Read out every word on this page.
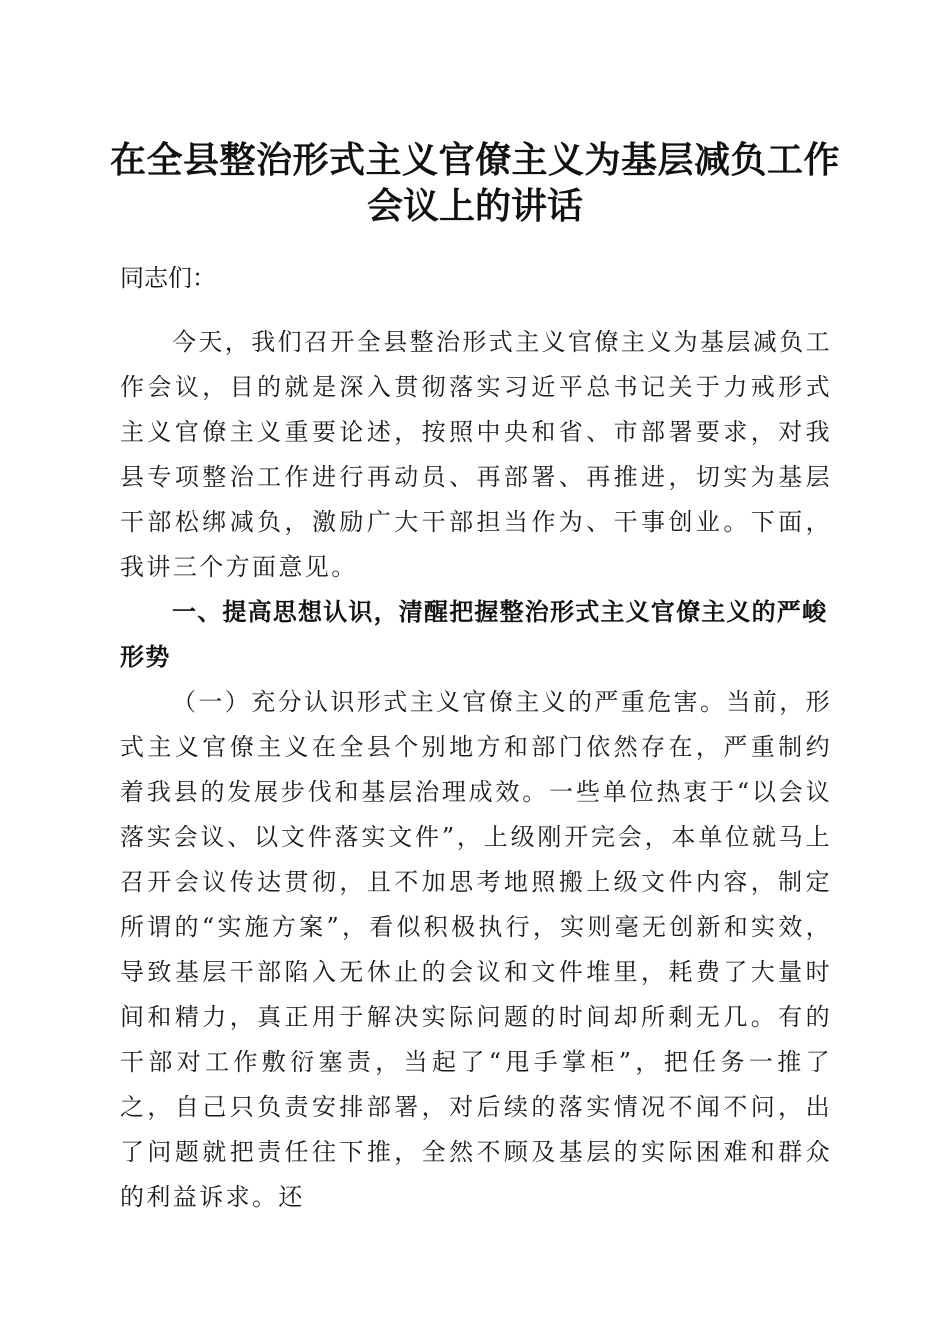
在全县整治形式主义官僚主义为基层减负工作
会议上的讲话

同志们：

今天，我们召开全县整治形式主义官僚主义为基层减负工作会议，目的就是深入贯彻落实习近平总书记关于力戒形式主义官僚主义重要论述，按照中央和省、市部署要求，对我县专项整治工作进行再动员、再部署、再推进，切实为基层干部松绑减负，激励广大干部担当作为、干事创业。下面，我讲三个方面意见。

一、提高思想认识，清醒把握整治形式主义官僚主义的严峻形势

（一）充分认识形式主义官僚主义的严重危害。当前，形式主义官僚主义在全县个别地方和部门依然存在，严重制约着我县的发展步伐和基层治理成效。一些单位热衷于“以会议落实会议、以文件落实文件”，上级刚开完会，本单位就马上召开会议传达贯彻，且不加思考地照搬上级文件内容，制定所谓的“实施方案”，看似积极执行，实则毫无创新和实效，导致基层干部陷入无休止的会议和文件堆里，耗费了大量时间和精力，真正用于解决实际问题的时间却所剩无几。有的干部对工作敷衍塞责，当起了“甩手掌柜”，把任务一推了之，自己只负责安排部署，对后续的落实情况不闻不问，出了问题就把责任往下推，全然不顾及基层的实际困难和群众的利益诉求。还
